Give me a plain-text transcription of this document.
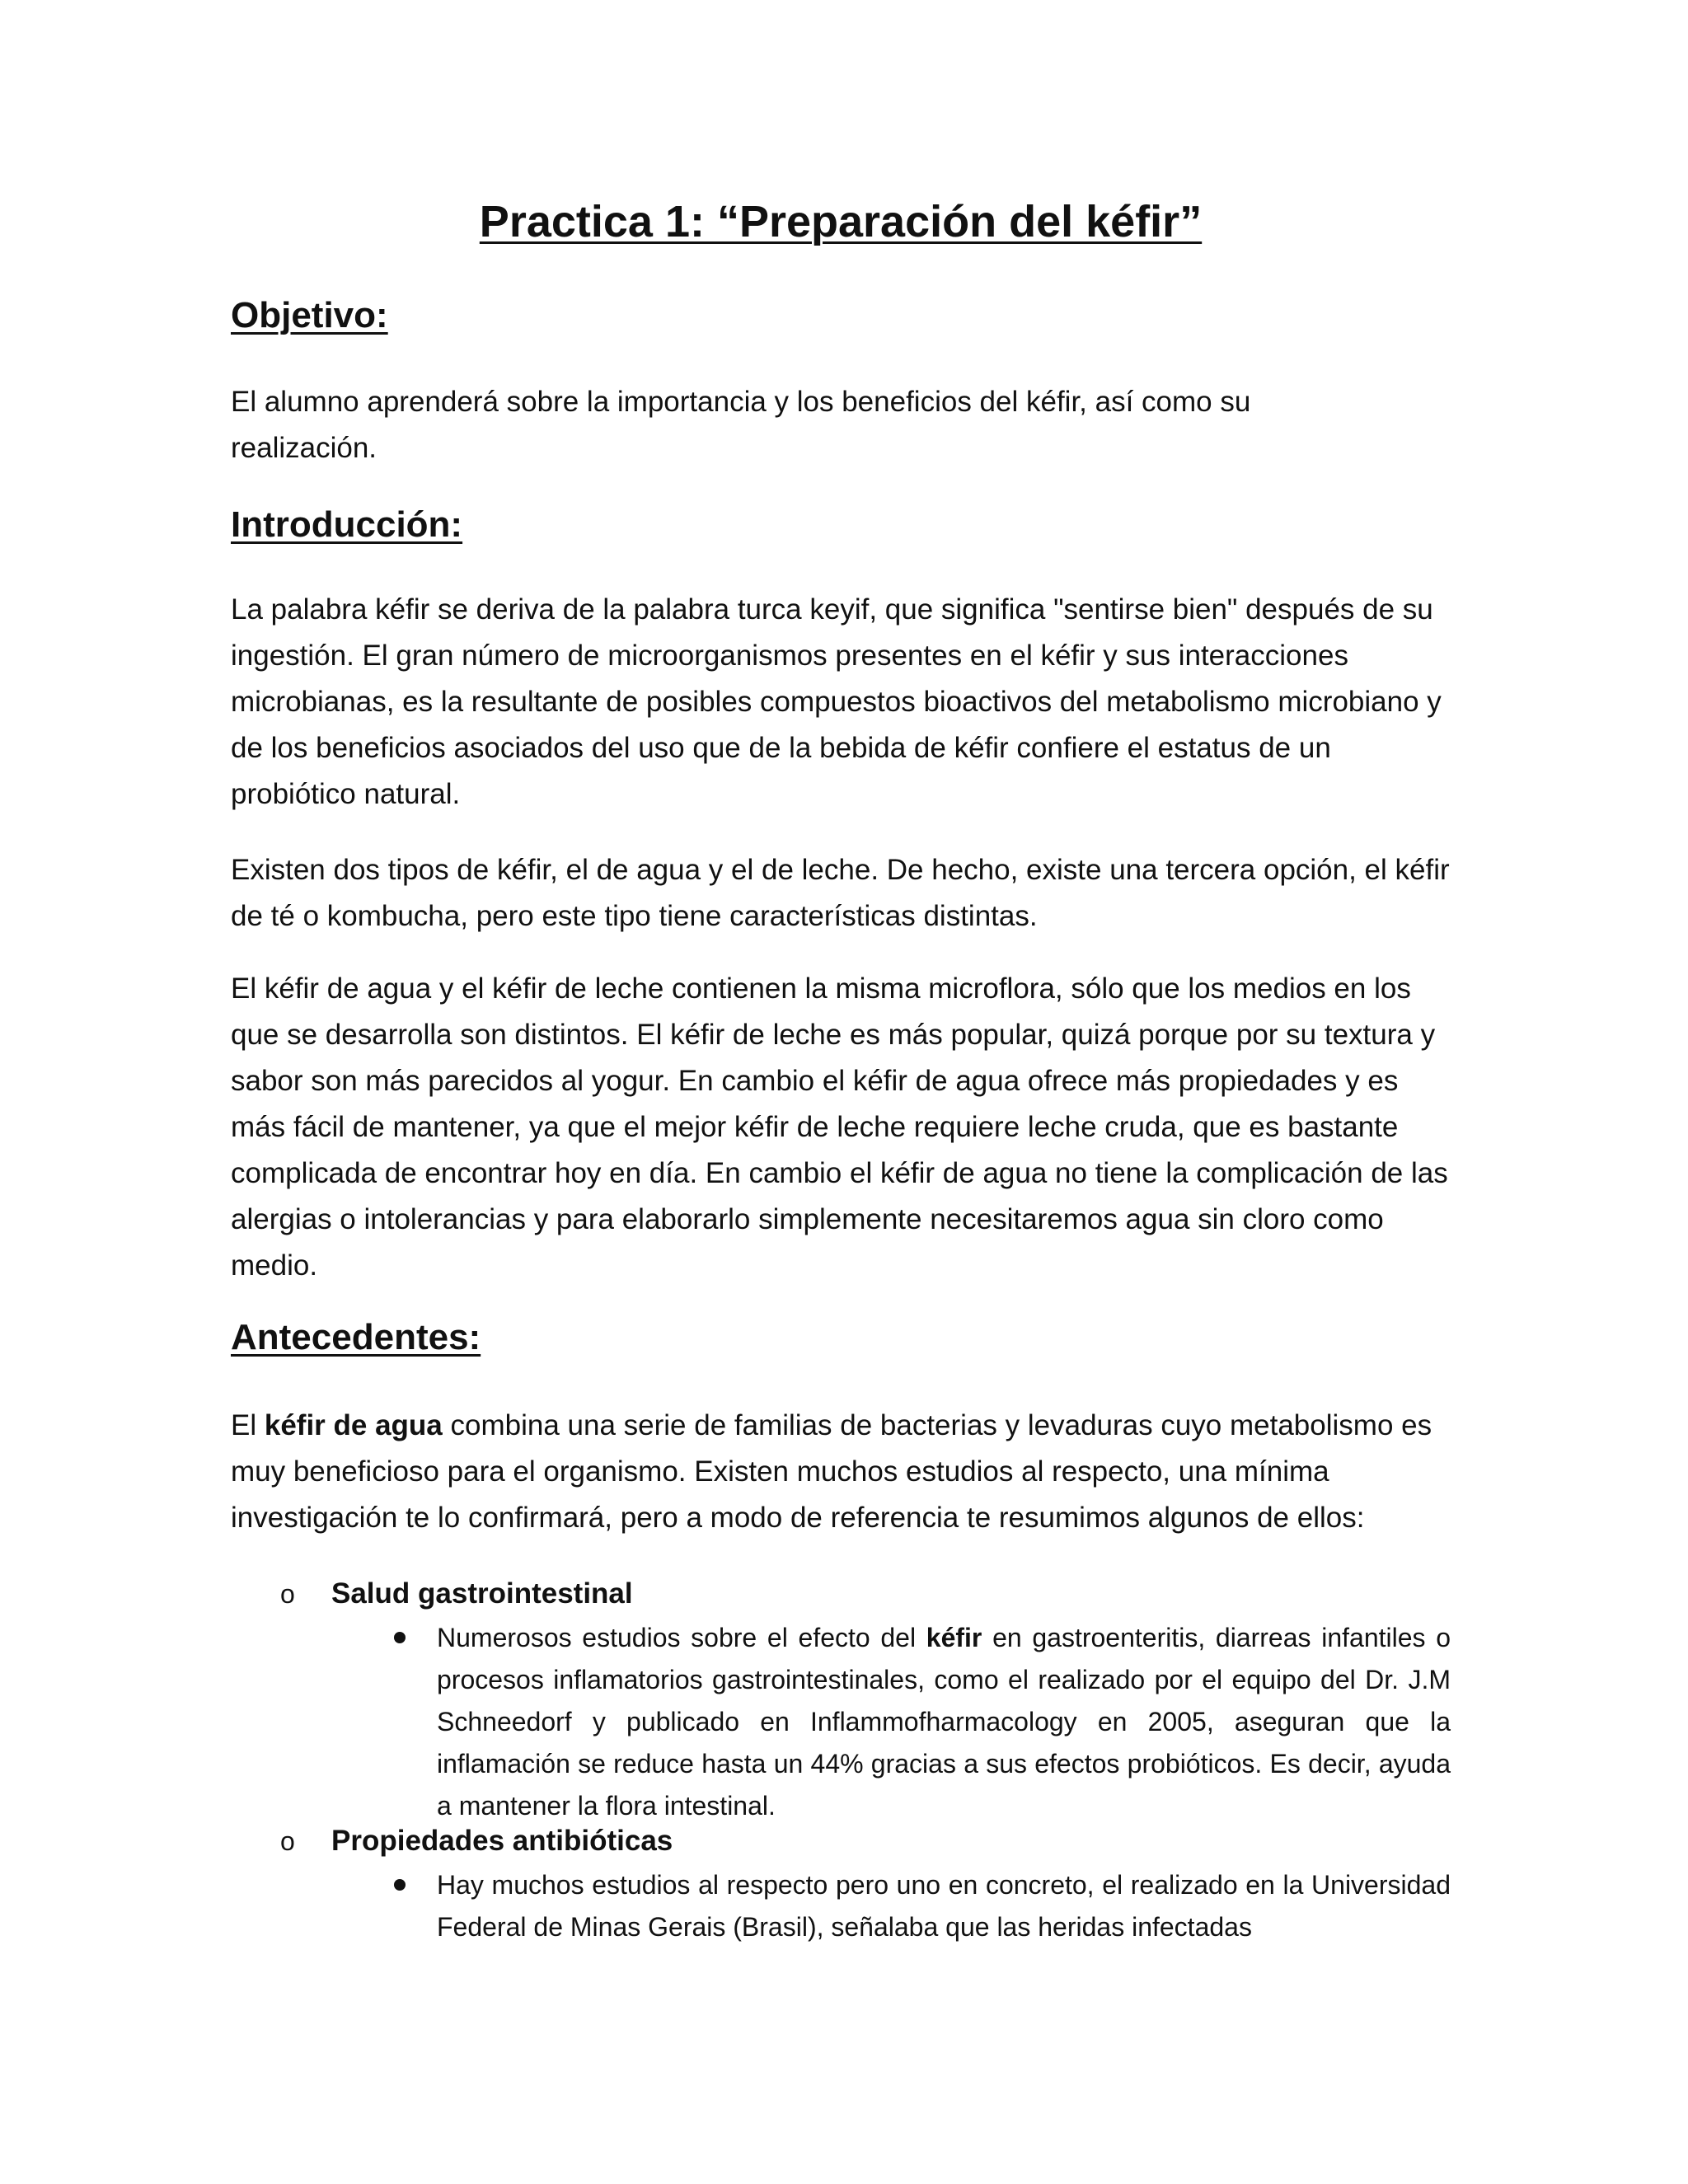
Practica 1: “Preparación del kéfir”
Objetivo:

El alumno aprenderá sobre la importancia y los beneficios del kéfir, así como su realización.

Introducción:

La palabra kéfir se deriva de la palabra turca keyif, que significa "sentirse bien" después de su ingestión. El gran número de microorganismos presentes en el kéfir y sus interacciones microbianas, es la resultante de posibles compuestos bioactivos del metabolismo microbiano y de los beneficios asociados del uso que de la bebida de kéfir confiere el estatus de un probiótico natural.

Existen dos tipos de kéfir, el de agua y el de leche. De hecho, existe una tercera opción, el kéfir de té o kombucha, pero este tipo tiene características distintas.

El kéfir de agua y el kéfir de leche contienen la misma microflora, sólo que los medios en los que se desarrolla son distintos. El kéfir de leche es más popular, quizá porque por su textura y sabor son más parecidos al yogur. En cambio el kéfir de agua ofrece más propiedades y es más fácil de mantener, ya que el mejor kéfir de leche requiere leche cruda, que es bastante complicada de encontrar hoy en día. En cambio el kéfir de agua no tiene la complicación de las alergias o intolerancias y para elaborarlo simplemente necesitaremos agua sin cloro como medio.

Antecedentes:

El kéfir de agua combina una serie de familias de bacterias y levaduras cuyo metabolismo es muy beneficioso para el organismo. Existen muchos estudios al respecto, una mínima investigación te lo confirmará, pero a modo de referencia te resumimos algunos de ellos:

o	Salud gastrointestinal
Numerosos estudios sobre el efecto del kéfir en gastroenteritis, diarreas infantiles o procesos inflamatorios gastrointestinales, como el realizado por el equipo del Dr. J.M Schneedorf y publicado en Inflammofharmacology en 2005, aseguran que la inflamación se reduce hasta un 44% gracias a sus efectos probióticos. Es decir, ayuda a mantener la flora intestinal.
o	Propiedades antibióticas
Hay muchos estudios al respecto pero uno en concreto, el realizado en la Universidad Federal de Minas Gerais (Brasil), señalaba que las heridas infectadas
